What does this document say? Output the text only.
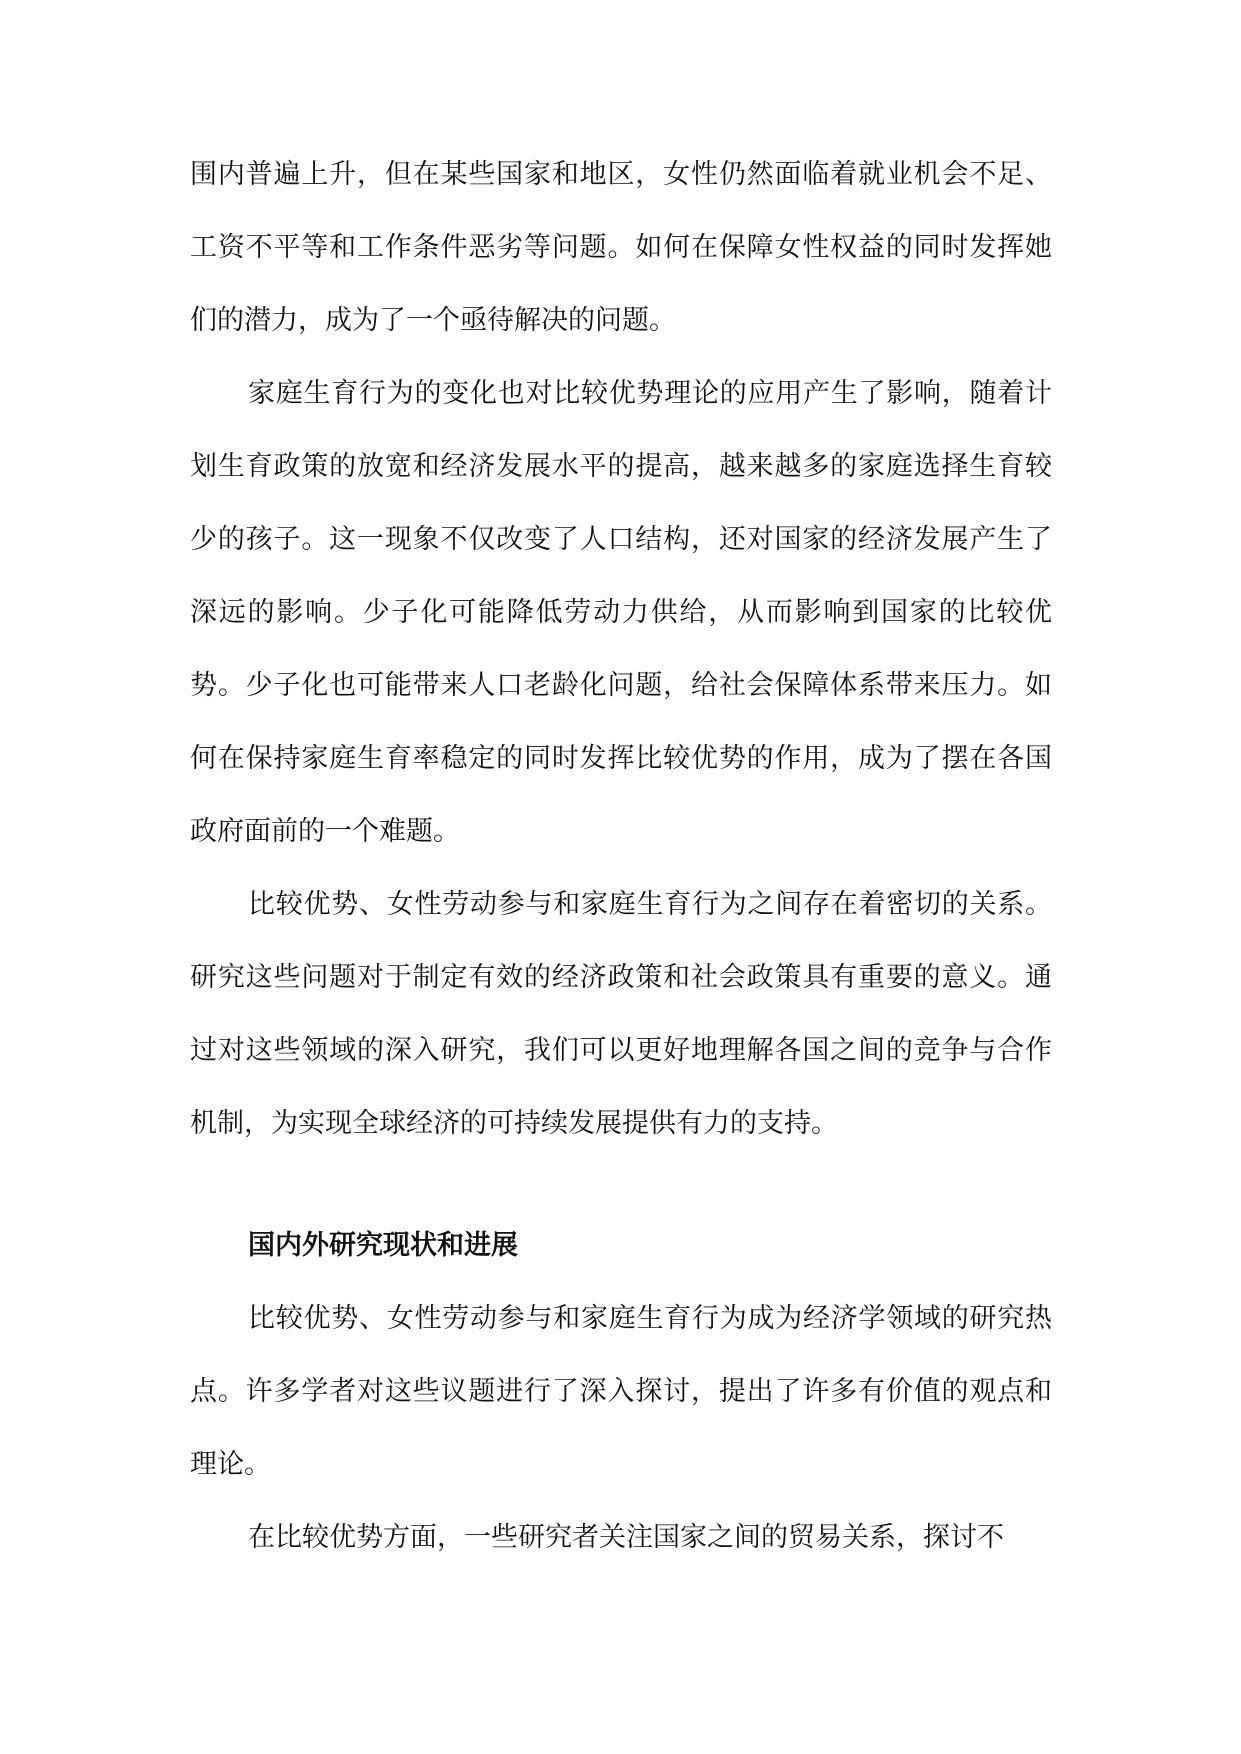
围内普遍上升，但在某些国家和地区，女性仍然面临着就业机会不足、工资不平等和工作条件恶劣等问题。如何在保障女性权益的同时发挥她们的潜力，成为了一个亟待解决的问题。

家庭生育行为的变化也对比较优势理论的应用产生了影响，随着计划生育政策的放宽和经济发展水平的提高，越来越多的家庭选择生育较少的孩子。这一现象不仅改变了人口结构，还对国家的经济发展产生了深远的影响。少子化可能降低劳动力供给，从而影响到国家的比较优势。少子化也可能带来人口老龄化问题，给社会保障体系带来压力。如何在保持家庭生育率稳定的同时发挥比较优势的作用，成为了摆在各国政府面前的一个难题。

比较优势、女性劳动参与和家庭生育行为之间存在着密切的关系。研究这些问题对于制定有效的经济政策和社会政策具有重要的意义。通过对这些领域的深入研究，我们可以更好地理解各国之间的竞争与合作机制，为实现全球经济的可持续发展提供有力的支持。

国内外研究现状和进展

比较优势、女性劳动参与和家庭生育行为成为经济学领域的研究热点。许多学者对这些议题进行了深入探讨，提出了许多有价值的观点和理论。

在比较优势方面，一些研究者关注国家之间的贸易关系，探讨不
